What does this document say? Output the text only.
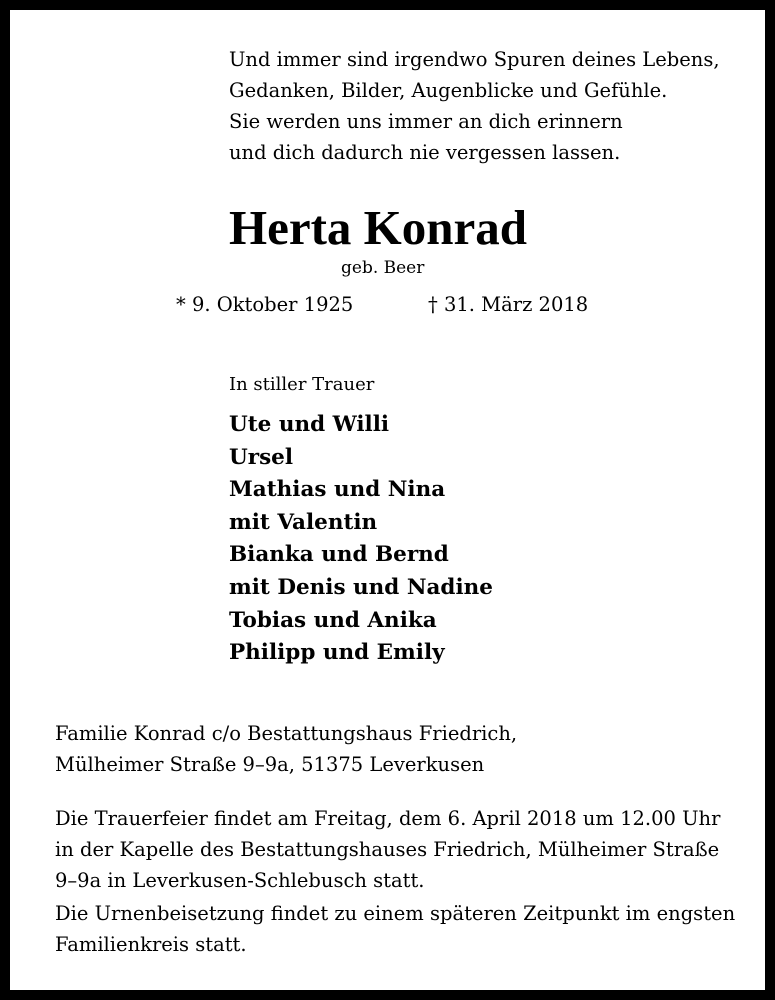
Und immer sind irgendwo Spuren deines Lebens,
Gedanken, Bilder, Augenblicke und Gefühle.
Sie werden uns immer an dich erinnern
und dich dadurch nie vergessen lassen.
Herta Konrad
geb. Beer
* 9. Oktober 1925	† 31. März 2018
In stiller Trauer
Ute und Willi
Ursel
Mathias und Nina
mit Valentin
Bianka und Bernd
mit Denis und Nadine
Tobias und Anika
Philipp und Emily
Familie Konrad c/o Bestattungshaus Friedrich,
Mülheimer Straße 9–9a, 51375 Leverkusen
Die Trauerfeier findet am Freitag, dem 6. April 2018 um 12.00 Uhr
in der Kapelle des Bestattungshauses Friedrich, Mülheimer Straße
9–9a in Leverkusen-Schlebusch statt.
Die Urnenbeisetzung findet zu einem späteren Zeitpunkt im engsten
Familienkreis statt.
